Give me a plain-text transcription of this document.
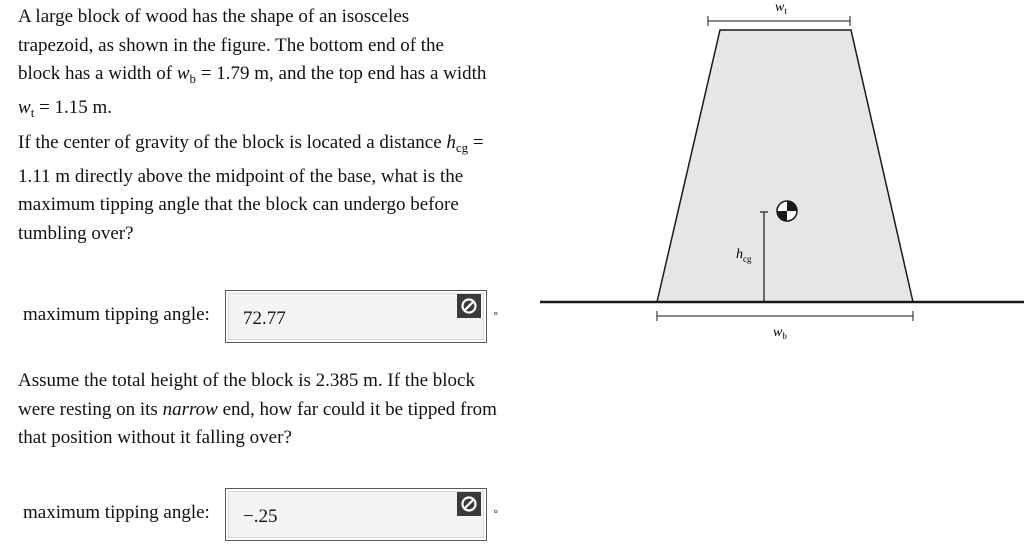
A large block of wood has the shape of an isosceles trapezoid, as shown in the figure. The bottom end of the block has a width of $w_b = 1.79$ m, and the top end has a width $w_t = 1.15$ m.

If the center of gravity of the block is located a distance $h_{cg} = 1.11$ m directly above the midpoint of the base, what is the maximum tipping angle that the block can undergo before tumbling over?

Assume the total height of the block is 2.385 m. If the block were resting on its narrow end, how far could it be tipped from that position without it falling over?

maximum tipping angle: 72.77	°
maximum tipping angle: −.25	°
$w_t$
$h_{cg}$
$w_b$
